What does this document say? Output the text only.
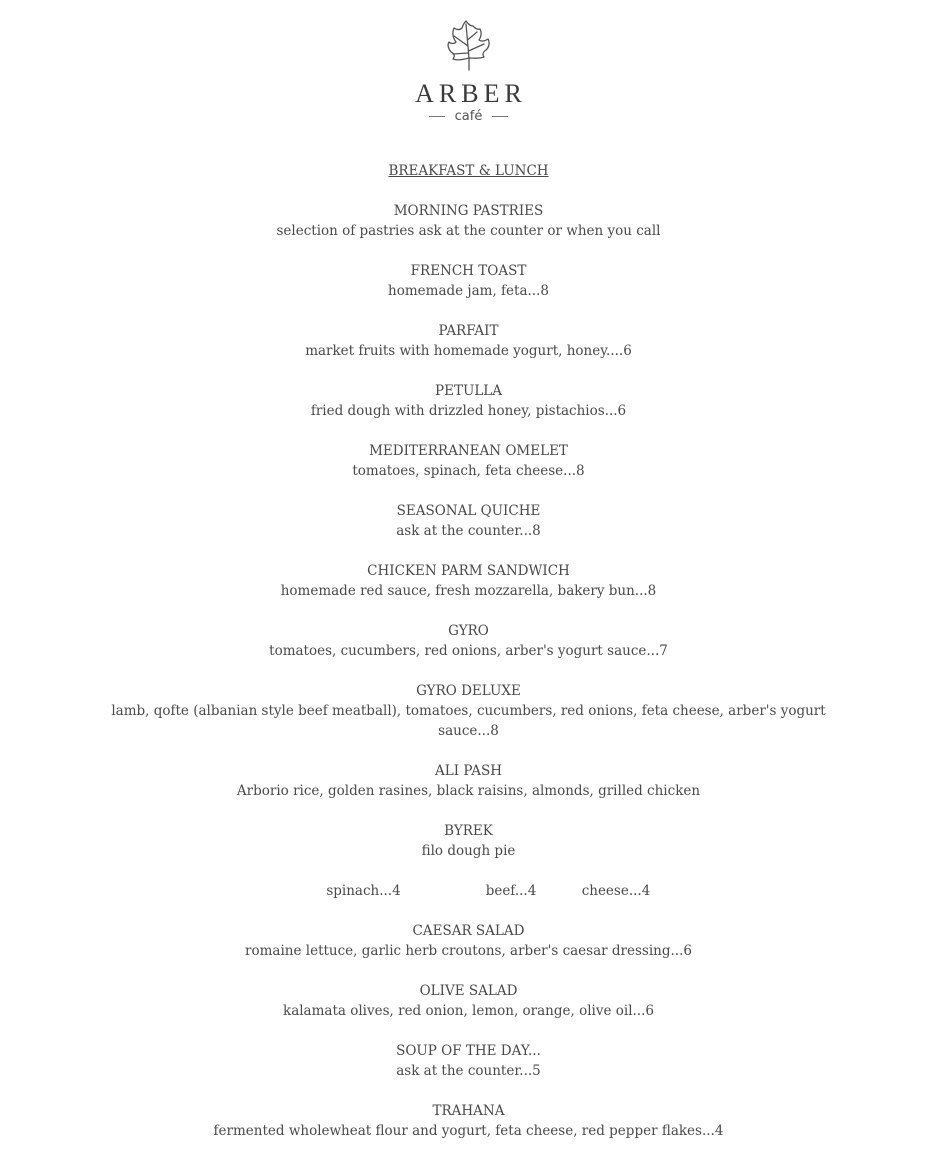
ARBER
café
BREAKFAST & LUNCH
MORNING PASTRIES
selection of pastries ask at the counter or when you call
FRENCH TOAST
homemade jam, feta...8
PARFAIT
market fruits with homemade yogurt, honey....6
PETULLA
fried dough with drizzled honey, pistachios...6
MEDITERRANEAN OMELET
tomatoes, spinach, feta cheese...8
SEASONAL QUICHE
ask at the counter...8
CHICKEN PARM SANDWICH
homemade red sauce, fresh mozzarella, bakery bun...8
GYRO
tomatoes, cucumbers, red onions, arber's yogurt sauce...7
GYRO DELUXE
lamb, qofte (albanian style beef meatball), tomatoes, cucumbers, red onions, feta cheese, arber's yogurt sauce...8
ALI PASH
Arborio rice, golden rasines, black raisins, almonds, grilled chicken
BYREK
filo dough pie
spinach...4	beef...4	cheese...4
CAESAR SALAD
romaine lettuce, garlic herb croutons, arber's caesar dressing...6
OLIVE SALAD
kalamata olives, red onion, lemon, orange, olive oil...6
SOUP OF THE DAY...
ask at the counter...5
TRAHANA
fermented wholewheat flour and yogurt, feta cheese, red pepper flakes...4
